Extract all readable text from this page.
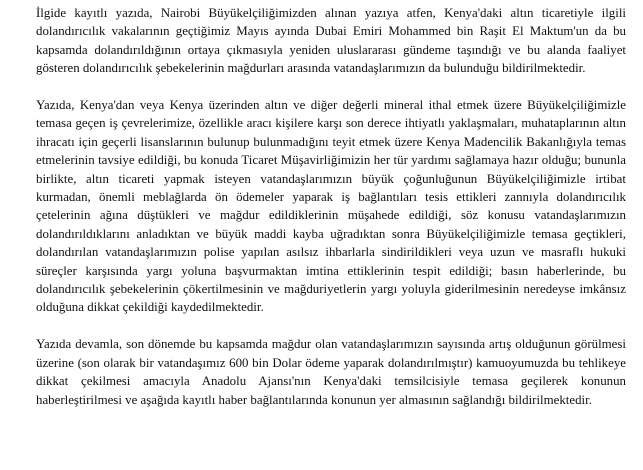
İlgide kayıtlı yazıda, Nairobi Büyükelçiliğimizden alınan yazıya atfen, Kenya'daki altın ticaretiyle ilgili dolandırıcılık vakalarının geçtiğimiz Mayıs ayında Dubai Emiri Mohammed bin Raşit El Maktum'un da bu kapsamda dolandırıldığının ortaya çıkmasıyla yeniden uluslararası gündeme taşındığı ve bu alanda faaliyet gösteren dolandırıcılık şebekelerinin mağdurları arasında vatandaşlarımızın da bulunduğu bildirilmektedir.

Yazıda, Kenya'dan veya Kenya üzerinden altın ve diğer değerli mineral ithal etmek üzere Büyükelçiliğimizle temasa geçen iş çevrelerimize, özellikle aracı kişilere karşı son derece ihtiyatlı yaklaşmaları, muhataplarının altın ihracatı için geçerli lisanslarının bulunup bulunmadığını teyit etmek üzere Kenya Madencilik Bakanlığıyla temas etmelerinin tavsiye edildiği, bu konuda Ticaret Müşavirliğimizin her tür yardımı sağlamaya hazır olduğu; bununla birlikte, altın ticareti yapmak isteyen vatandaşlarımızın büyük çoğunluğunun Büyükelçiliğimizle irtibat kurmadan, önemli meblağlarda ön ödemeler yaparak iş bağlantıları tesis ettikleri zannıyla dolandırıcılık çetelerinin ağına düştükleri ve mağdur edildiklerinin müşahede edildiği, söz konusu vatandaşlarımızın dolandırıldıklarını anladıktan ve büyük maddi kayba uğradıktan sonra Büyükelçiliğimizle temasa geçtikleri, dolandırılan vatandaşlarımızın polise yapılan asılsız ihbarlarla sindirildikleri veya uzun ve masraflı hukuki süreçler karşısında yargı yoluna başvurmaktan imtina ettiklerinin tespit edildiği; basın haberlerinde, bu dolandırıcılık şebekelerinin çökertilmesinin ve mağduriyetlerin yargı yoluyla giderilmesinin neredeyse imkânsız olduğuna dikkat çekildiği kaydedilmektedir.

Yazıda devamla, son dönemde bu kapsamda mağdur olan vatandaşlarımızın sayısında artış olduğunun görülmesi üzerine (son olarak bir vatandaşımız 600 bin Dolar ödeme yaparak dolandırılmıştır) kamuoyumuzda bu tehlikeye dikkat çekilmesi amacıyla Anadolu Ajansı'nın Kenya'daki temsilcisiyle temasa geçilerek konunun haberleştirilmesi ve aşağıda kayıtlı haber bağlantılarında konunun yer almasının sağlandığı bildirilmektedir.
